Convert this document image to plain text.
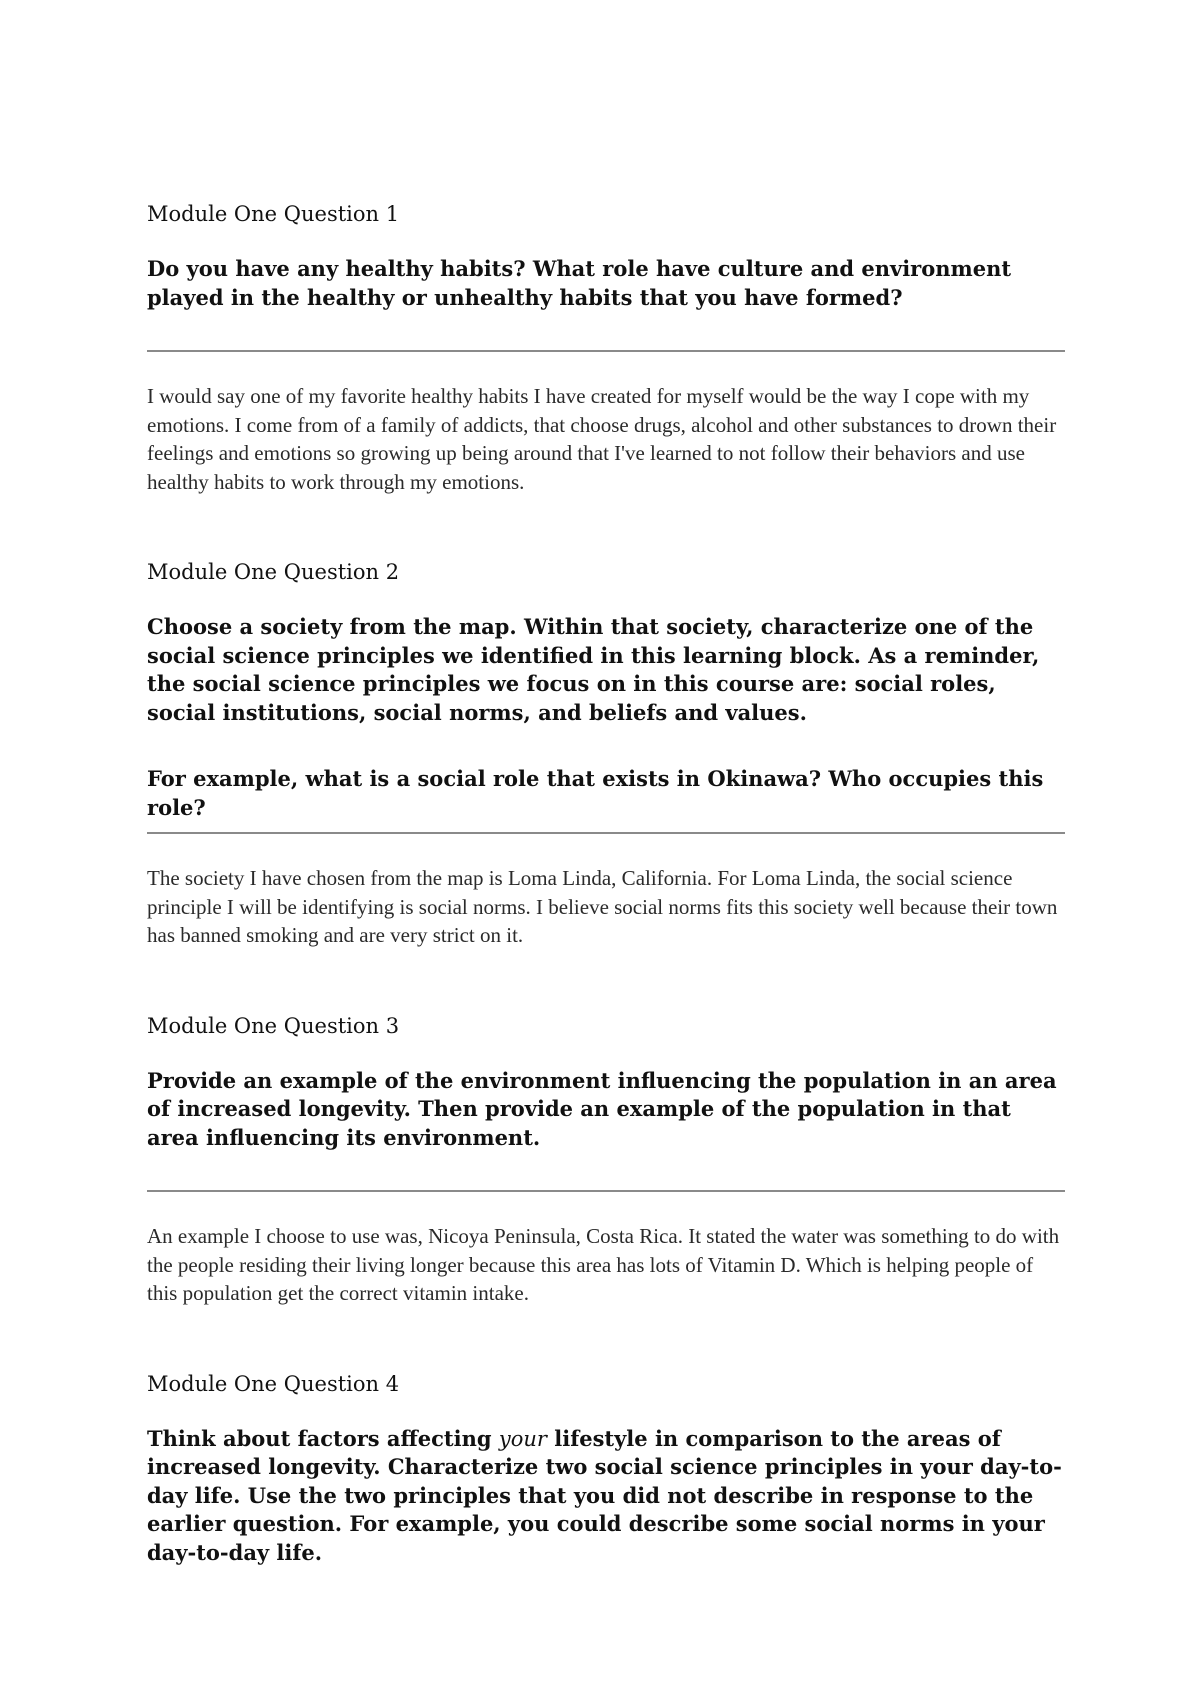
Module One Question 1
Do you have any healthy habits? What role have culture and environment played in the healthy or unhealthy habits that you have formed?
I would say one of my favorite healthy habits I have created for myself would be the way I cope with my emotions. I come from of a family of addicts, that choose drugs, alcohol and other substances to drown their feelings and emotions so growing up being around that I've learned to not follow their behaviors and use healthy habits to work through my emotions.
Module One Question 2
Choose a society from the map. Within that society, characterize one of the social science principles we identified in this learning block. As a reminder, the social science principles we focus on in this course are: social roles, social institutions, social norms, and beliefs and values.
For example, what is a social role that exists in Okinawa? Who occupies this role?
The society I have chosen from the map is Loma Linda, California. For Loma Linda, the social science principle I will be identifying is social norms. I believe social norms fits this society well because their town has banned smoking and are very strict on it.
Module One Question 3
Provide an example of the environment influencing the population in an area of increased longevity. Then provide an example of the population in that area influencing its environment.
An example I choose to use was, Nicoya Peninsula, Costa Rica. It stated the water was something to do with the people residing their living longer because this area has lots of Vitamin D. Which is helping people of this population get the correct vitamin intake.
Module One Question 4
Think about factors affecting your lifestyle in comparison to the areas of increased longevity. Characterize two social science principles in your day-to-day life. Use the two principles that you did not describe in response to the earlier question. For example, you could describe some social norms in your day-to-day life.
